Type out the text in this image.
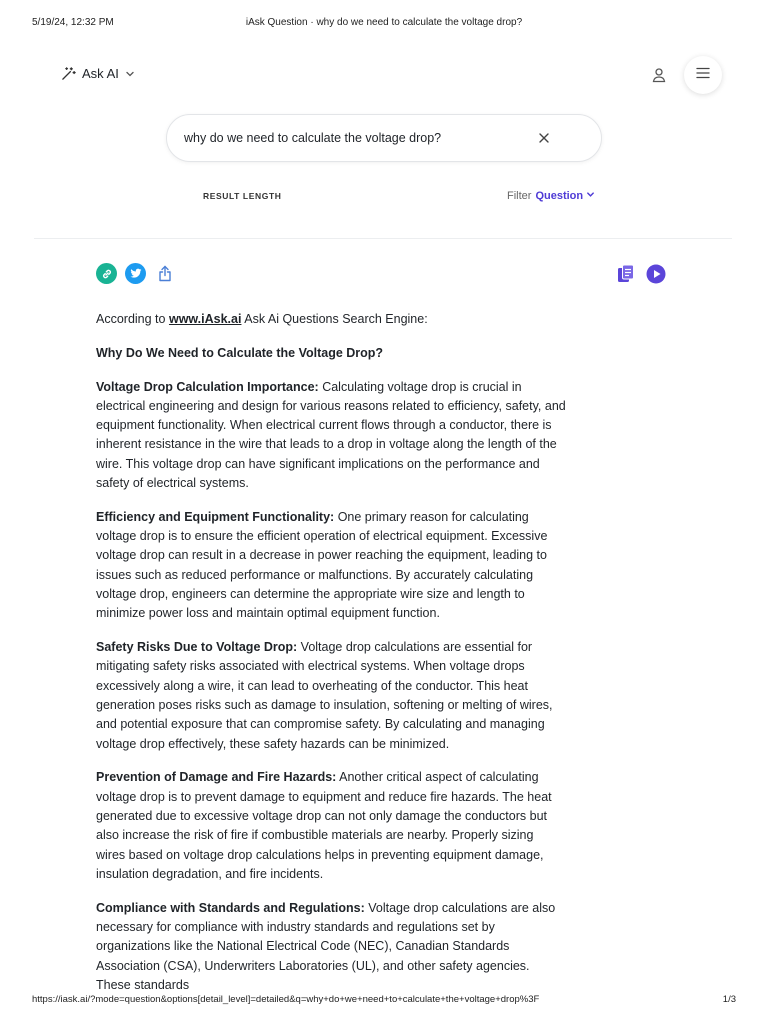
5/19/24, 12:32 PM	iAsk Question · why do we need to calculate the voltage drop?
Ask AI
why do we need to calculate the voltage drop?
RESULT LENGTH	Filter Question

According to www.iAsk.ai Ask Ai Questions Search Engine:

Why Do We Need to Calculate the Voltage Drop?

Voltage Drop Calculation Importance: Calculating voltage drop is crucial in electrical engineering and design for various reasons related to efficiency, safety, and equipment functionality. When electrical current flows through a conductor, there is inherent resistance in the wire that leads to a drop in voltage along the length of the wire. This voltage drop can have significant implications on the performance and safety of electrical systems.

Efficiency and Equipment Functionality: One primary reason for calculating voltage drop is to ensure the efficient operation of electrical equipment. Excessive voltage drop can result in a decrease in power reaching the equipment, leading to issues such as reduced performance or malfunctions. By accurately calculating voltage drop, engineers can determine the appropriate wire size and length to minimize power loss and maintain optimal equipment function.

Safety Risks Due to Voltage Drop: Voltage drop calculations are essential for mitigating safety risks associated with electrical systems. When voltage drops excessively along a wire, it can lead to overheating of the conductor. This heat generation poses risks such as damage to insulation, softening or melting of wires, and potential exposure that can compromise safety. By calculating and managing voltage drop effectively, these safety hazards can be minimized.

Prevention of Damage and Fire Hazards: Another critical aspect of calculating voltage drop is to prevent damage to equipment and reduce fire hazards. The heat generated due to excessive voltage drop can not only damage the conductors but also increase the risk of fire if combustible materials are nearby. Properly sizing wires based on voltage drop calculations helps in preventing equipment damage, insulation degradation, and fire incidents.

Compliance with Standards and Regulations: Voltage drop calculations are also necessary for compliance with industry standards and regulations set by organizations like the National Electrical Code (NEC), Canadian Standards Association (CSA), Underwriters Laboratories (UL), and other safety agencies. These standards

https://iask.ai/?mode=question&options[detail_level]=detailed&q=why+do+we+need+to+calculate+the+voltage+drop%3F	1/3
